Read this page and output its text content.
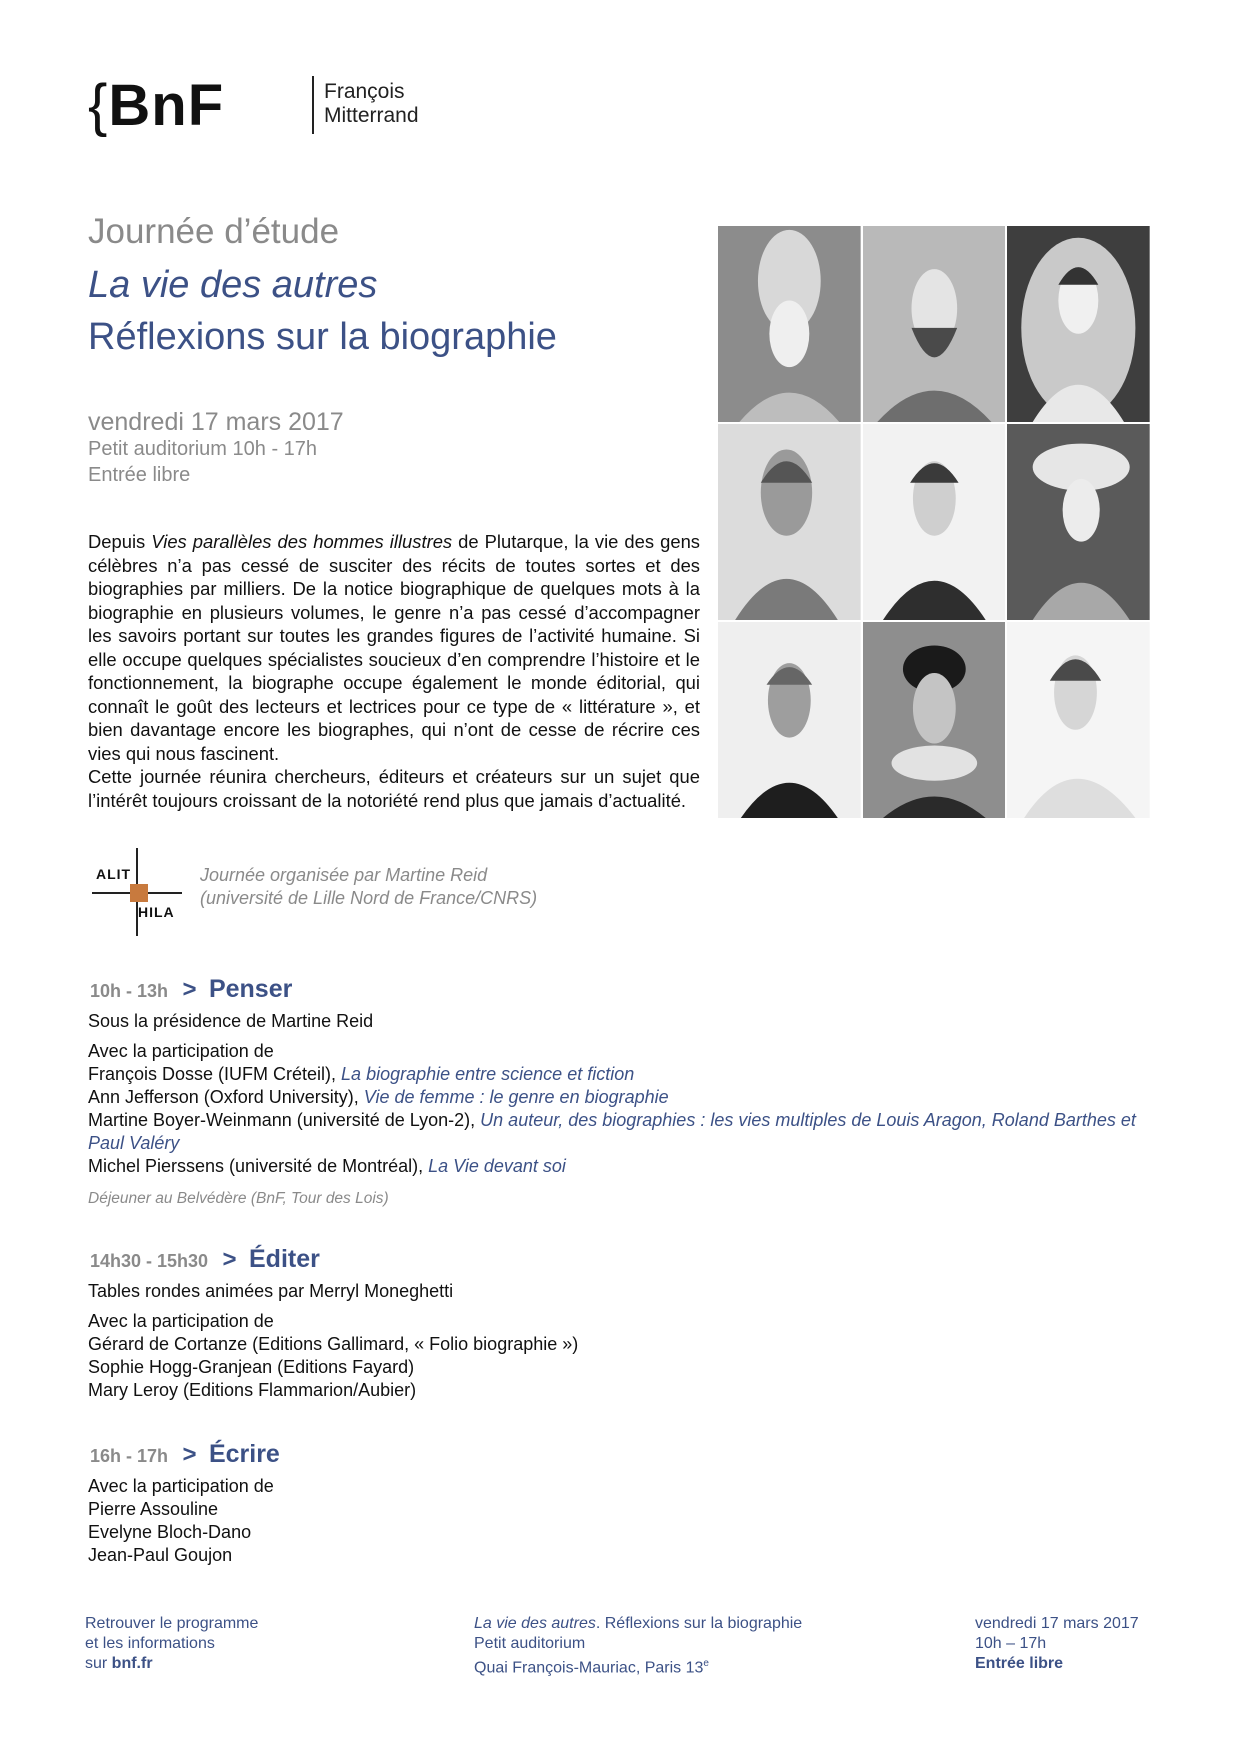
{BnF	François
Mitterrand
Journée d’étude
La vie des autres
Réflexions sur la biographie
vendredi 17 mars 2017
Petit auditorium 10h - 17h
Entrée libre

Depuis Vies parallèles des hommes illustres de Plutarque, la vie des gens célèbres n’a pas cessé de susciter des récits de toutes sortes et des biographies par milliers. De la notice biographique de quelques mots à la biographie en plusieurs volumes, le genre n’a pas cessé d’accompagner les savoirs portant sur toutes les grandes figures de l’activité humaine. Si elle occupe quelques spécialistes soucieux d’en comprendre l’histoire et le fonctionnement, la biographe occupe également le monde éditorial, qui connaît le goût des lecteurs et lectrices pour ce type de « littérature », et bien davantage encore les biographes, qui n’ont de cesse de récrire ces vies qui nous fascinent.

Cette journée réunira chercheurs, éditeurs et créateurs sur un sujet que l’intérêt toujours croissant de la notoriété rend plus que jamais d’actualité.

ALIT
HILA
Journée organisée par Martine Reid
(université de Lille Nord de France/CNRS)
10h - 13h > Penser
Sous la présidence de Martine Reid
Avec la participation de
François Dosse (IUFM Créteil), La biographie entre science et fiction
Ann Jefferson (Oxford University), Vie de femme : le genre en biographie
Martine Boyer-Weinmann (université de Lyon-2), Un auteur, des biographies : les vies multiples de Louis Aragon, Roland Barthes et Paul Valéry
Michel Pierssens (université de Montréal), La Vie devant soi
Déjeuner au Belvédère (BnF, Tour des Lois)
14h30 - 15h30 > Éditer
Tables rondes animées par Merryl Moneghetti
Avec la participation de
Gérard de Cortanze (Editions Gallimard, « Folio biographie »)
Sophie Hogg-Granjean (Editions Fayard)
Mary Leroy (Editions Flammarion/Aubier)
16h - 17h > Écrire
Avec la participation de
Pierre Assouline
Evelyne Bloch-Dano
Jean-Paul Goujon
Retrouver le programme
et les informations
sur bnf.fr
La vie des autres. Réflexions sur la biographie
Petit auditorium
Quai François-Mauriac, Paris 13e
vendredi 17 mars 2017
10h – 17h
Entrée libre
